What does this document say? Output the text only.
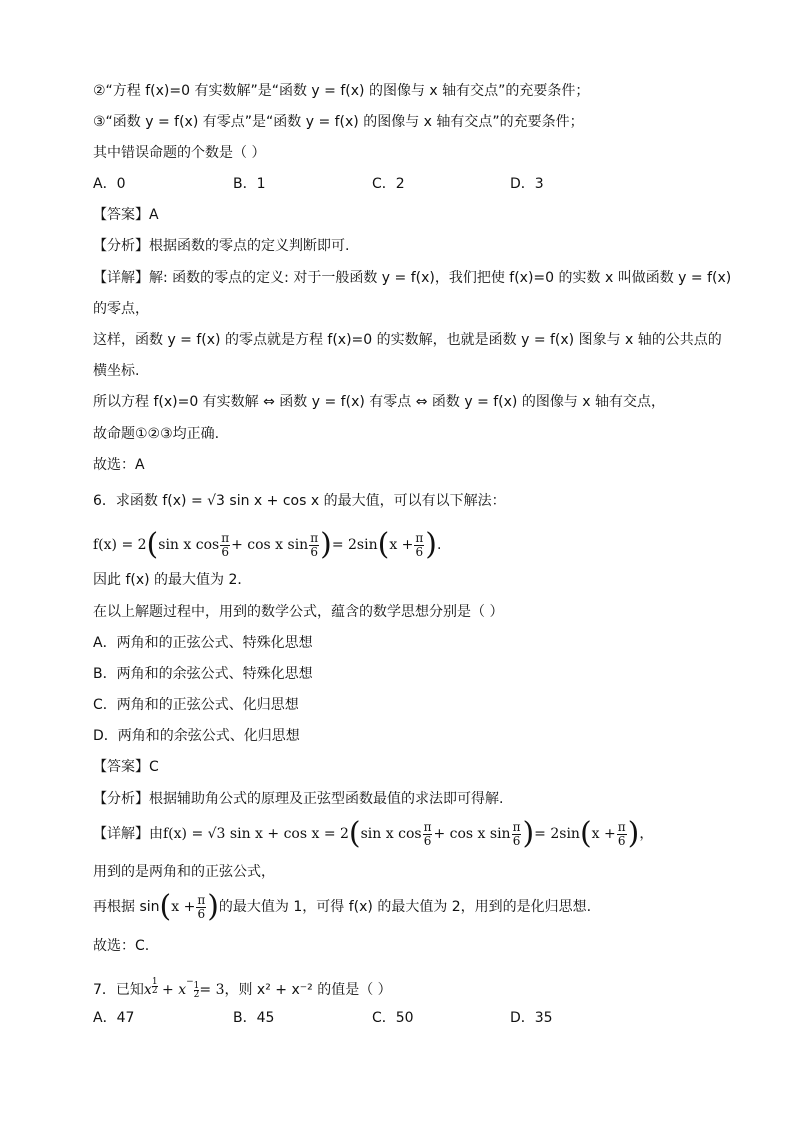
②“方程 f(x)=0 有实数解”是“函数 y = f(x) 的图像与 x 轴有交点”的充要条件；
③“函数 y = f(x) 有零点”是“函数 y = f(x) 的图像与 x 轴有交点”的充要条件；
其中错误命题的个数是（ ）
A．0	B．1	C．2	D．3
【答案】A
【分析】根据函数的零点的定义判断即可.
【详解】解: 函数的零点的定义: 对于一般函数 y = f(x)，我们把使 f(x)=0 的实数 x 叫做函数 y = f(x)
的零点，
这样，函数 y = f(x) 的零点就是方程 f(x)=0 的实数解，也就是函数 y = f(x) 图象与 x 轴的公共点的
横坐标.
所以方程 f(x)=0 有实数解 ⇔ 函数 y = f(x) 有零点 ⇔ 函数 y = f(x) 的图像与 x 轴有交点，
故命题①②③均正确.
故选：A
6．求函数 f(x) = √3 sin x + cos x 的最大值，可以有以下解法：
f(x) = 2(sin x $\cos \frac{\pi}{6} + \cos x$ $\sin \frac{\pi}{6}$ )= $2\sin(x + \frac{\pi}{6}$ ).
因此 f(x) 的最大值为 2．
在以上解题过程中，用到的数学公式，蕴含的数学思想分别是（ ）
A．两角和的正弦公式、特殊化思想
B．两角和的余弦公式、特殊化思想
C．两角和的正弦公式、化归思想
D．两角和的余弦公式、化归思想
【答案】C
【分析】根据辅助角公式的原理及正弦型函数最值的求法即可得解.
【详解】由f(x) = √3 sin x + cos x = 2(sin x $\cos \frac{\pi}{6} + \cos x$ $\sin \frac{\pi}{6}$ )= $2\sin(x + \frac{\pi}{6}$ )，
用到的是两角和的正弦公式，
再根据 $\sin(x + \frac{\pi}{6}$ )的最大值为 1，可得 f(x) 的最大值为 2，用到的是化归思想.
故选：C.
7．已知x $^{\frac{1}{2}} + x^{- \frac{1}{2}} = 3$，则 x² + x⁻² 的值是（ ）
A．47	B．45	C．50	D．35
